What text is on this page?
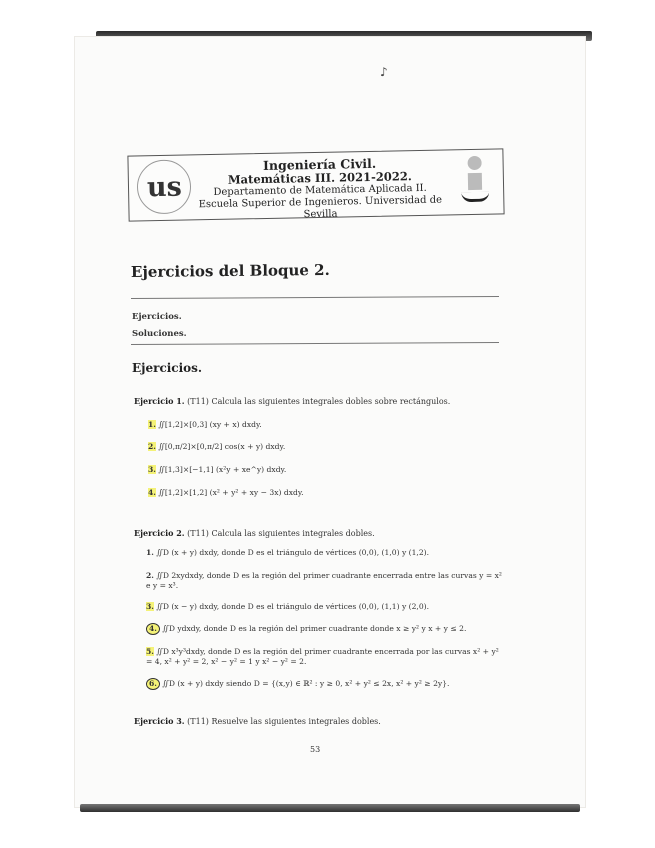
♪
us
Ingeniería Civil.
Matemáticas III. 2021-2022.
Departamento de Matemática Aplicada II.
Escuela Superior de Ingenieros. Universidad de Sevilla
Ejercicios del Bloque 2.
Ejercicios.
Soluciones.
Ejercicios.
Ejercicio 1. (T11) Calcula las siguientes integrales dobles sobre rectángulos.
1. ∬[1,2]×[0,3] (xy + x) dxdy.
2. ∬[0,π/2]×[0,π/2] cos(x + y) dxdy.
3. ∬[1,3]×[−1,1] (x²y + xe^y) dxdy.
4. ∬[1,2]×[1,2] (x² + y² + xy − 3x) dxdy.
Ejercicio 2. (T11) Calcula las siguientes integrales dobles.
1. ∬D (x + y) dxdy, donde D es el triángulo de vértices (0,0), (1,0) y (1,2).
2. ∬D 2xydxdy, donde D es la región del primer cuadrante encerrada entre las curvas y = x² e y = x³.
3. ∬D (x − y) dxdy, donde D es el triángulo de vértices (0,0), (1,1) y (2,0).
4. ∬D ydxdy, donde D es la región del primer cuadrante donde x ≥ y² y x + y ≤ 2.
5. ∬D x³y³dxdy, donde D es la región del primer cuadrante encerrada por las curvas x² + y² = 4, x² + y² = 2, x² − y² = 1 y x² − y² = 2.
6. ∬D (x + y) dxdy siendo D = {(x,y) ∈ ℝ² : y ≥ 0, x² + y² ≤ 2x, x² + y² ≥ 2y}.
Ejercicio 3. (T11) Resuelve las siguientes integrales dobles.
53
